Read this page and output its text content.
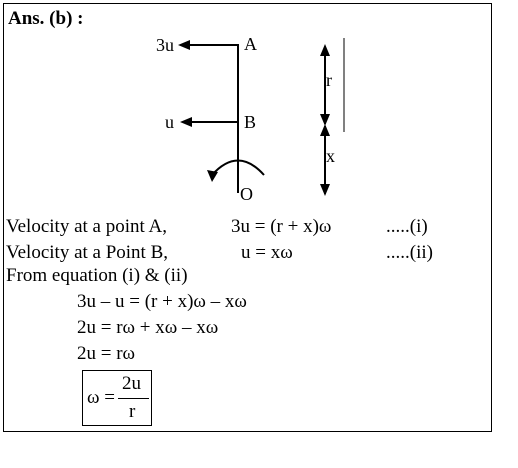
Ans. (b) :
A
B
O
3u
u
r
x
Velocity at a point A,	3u = (r + x)ω	.....(i)
Velocity at a Point B,	u = xω	.....(ii)
From equation (i) & (ii)
3u – u = (r + x)ω – xω
2u = rω + xω – xω
2u = rω
ω =
2u
r
